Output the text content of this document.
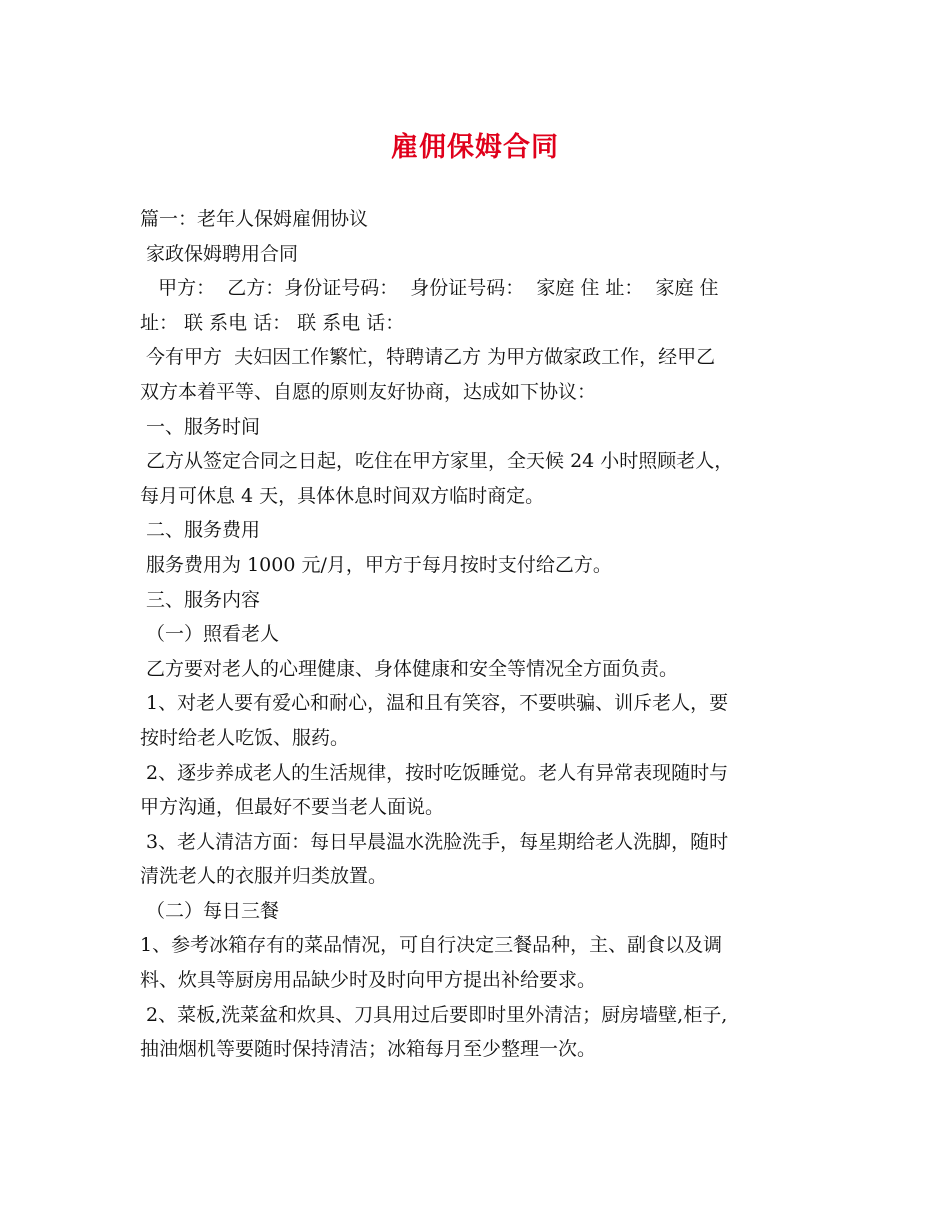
雇佣保姆合同
篇一：老年人保姆雇佣协议
家政保姆聘用合同
甲方：  乙方：身份证号码：  身份证号码：  家庭 住 址：  家庭 住
址： 联 系电 话： 联 系电 话：
今有甲方  夫妇因工作繁忙，特聘请乙方 为甲方做家政工作，经甲乙
双方本着平等、自愿的原则友好协商，达成如下协议：
一、服务时间
乙方从签定合同之日起，吃住在甲方家里，全天候 24 小时照顾老人，
每月可休息 4 天，具体休息时间双方临时商定。
二、服务费用
服务费用为 1000 元/月，甲方于每月按时支付给乙方。
三、服务内容
（一）照看老人
乙方要对老人的心理健康、身体健康和安全等情况全方面负责。
1、对老人要有爱心和耐心，温和且有笑容，不要哄骗、训斥老人，要
按时给老人吃饭、服药。
2、逐步养成老人的生活规律，按时吃饭睡觉。老人有异常表现随时与
甲方沟通，但最好不要当老人面说。
3、老人清洁方面：每日早晨温水洗脸洗手，每星期给老人洗脚，随时
清洗老人的衣服并归类放置。
（二）每日三餐
1、参考冰箱存有的菜品情况，可自行决定三餐品种，主、副食以及调
料、炊具等厨房用品缺少时及时向甲方提出补给要求。
2、菜板,洗菜盆和炊具、刀具用过后要即时里外清洁；厨房墙壁,柜子,
抽油烟机等要随时保持清洁；冰箱每月至少整理一次。
